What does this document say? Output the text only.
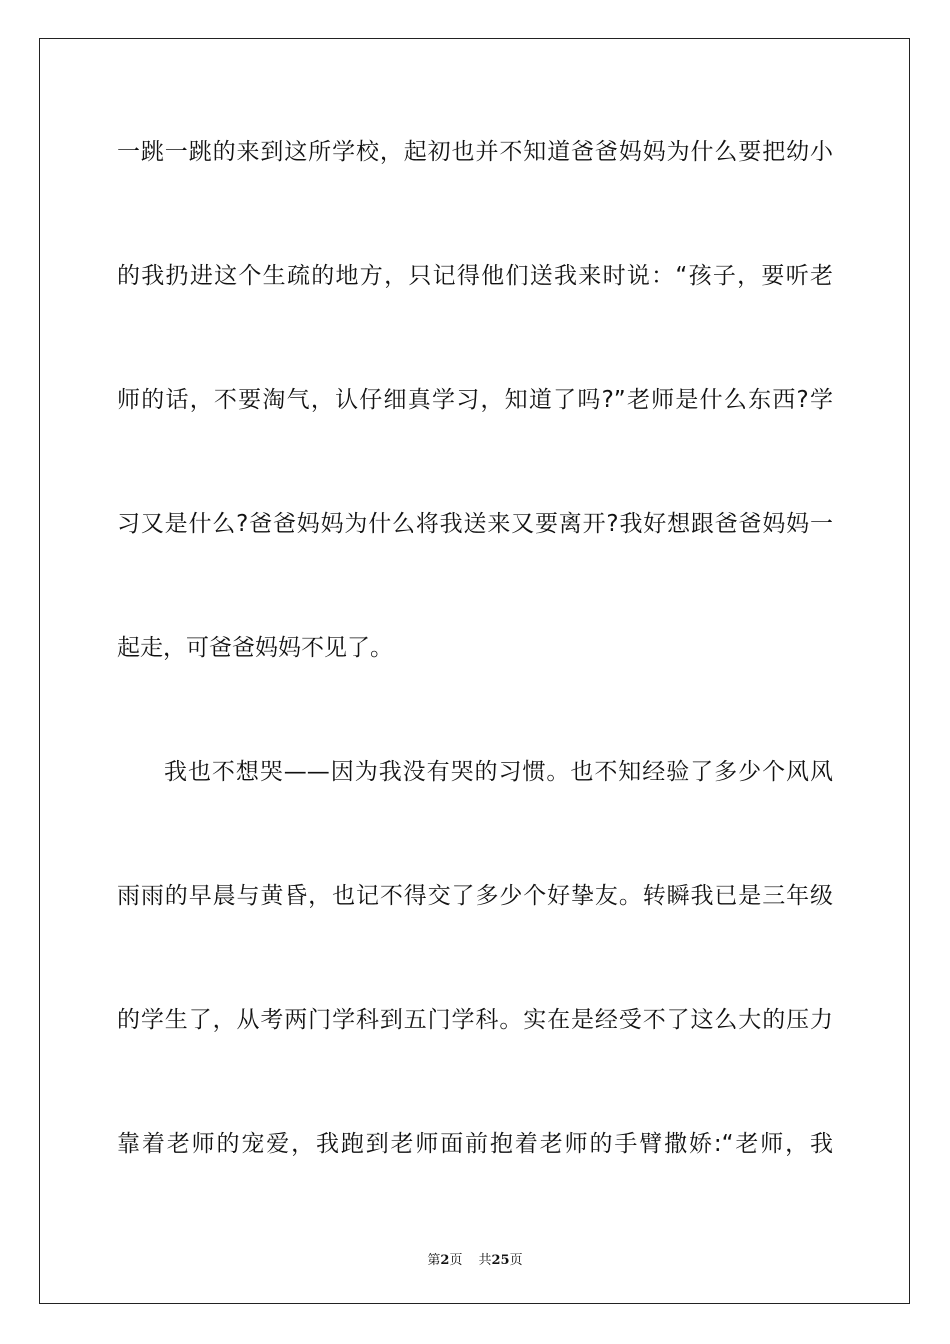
一跳一跳的来到这所学校，起初也并不知道爸爸妈妈为什么要把幼小
的我扔进这个生疏的地方，只记得他们送我来时说：“孩子，要听老
师的话，不要淘气，认仔细真学习，知道了吗?”老师是什么东西?学
习又是什么?爸爸妈妈为什么将我送来又要离开?我好想跟爸爸妈妈一
起走，可爸爸妈妈不见了。
我也不想哭——因为我没有哭的习惯。也不知经验了多少个风风
雨雨的早晨与黄昏，也记不得交了多少个好挚友。转瞬我已是三年级
的学生了，从考两门学科到五门学科。实在是经受不了这么大的压力
靠着老师的宠爱，我跑到老师面前抱着老师的手臂撒娇:“老师，我
第2页 共25页
